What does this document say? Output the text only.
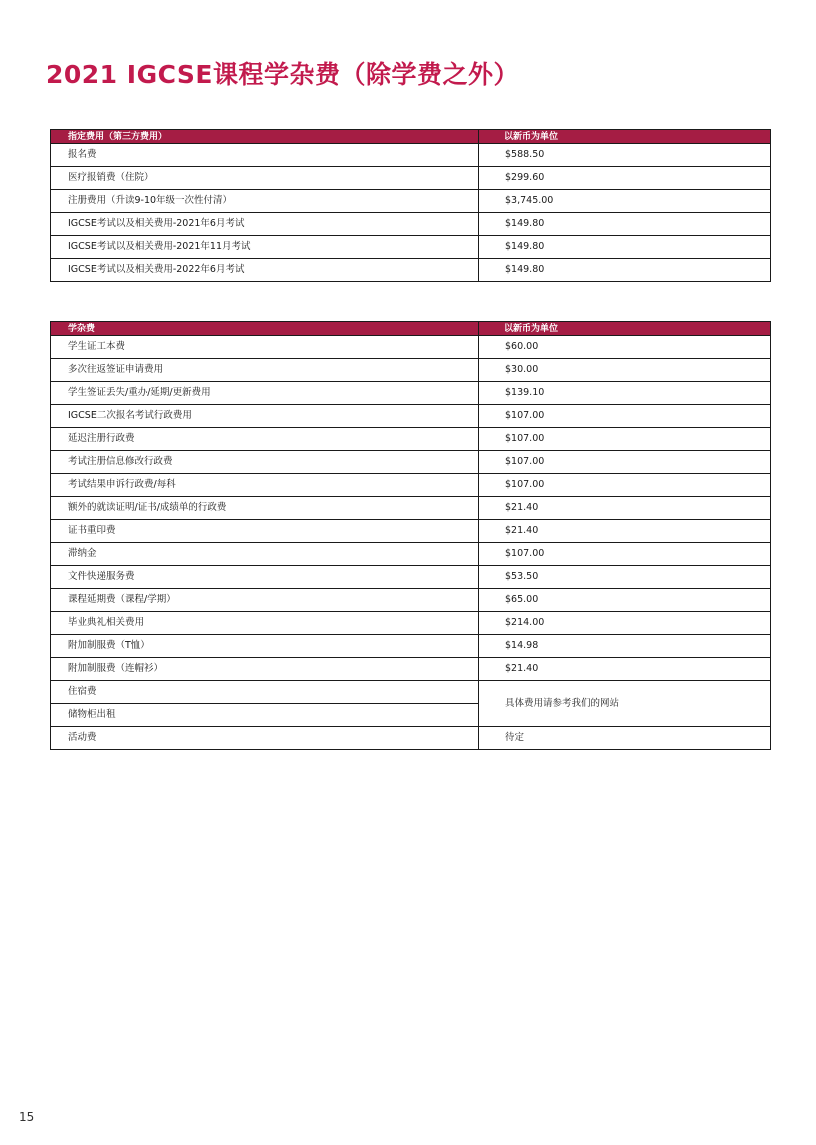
2021 IGCSE课程学杂费（除学费之外）
指定费用（第三方费用）	以新币为单位
报名费	$588.50
医疗报销费（住院）	$299.60
注册费用（升读9-10年级一次性付清）	$3,745.00
IGCSE考试以及相关费用-2021年6月考试	$149.80
IGCSE考试以及相关费用-2021年11月考试	$149.80
IGCSE考试以及相关费用-2022年6月考试	$149.80
学杂费	以新币为单位
学生证工本费	$60.00
多次往返签证申请费用	$30.00
学生签证丢失/重办/延期/更新费用	$139.10
IGCSE二次报名考试行政费用	$107.00
延迟注册行政费	$107.00
考试注册信息修改行政费	$107.00
考试结果申诉行政费/每科	$107.00
额外的就读证明/证书/成绩单的行政费	$21.40
证书重印费	$21.40
滞纳金	$107.00
文件快递服务费	$53.50
课程延期费（课程/学期）	$65.00
毕业典礼相关费用	$214.00
附加制服费（T恤）	$14.98
附加制服费（连帽衫）	$21.40
住宿费	具体费用请参考我们的网站
储物柜出租	
活动费	待定
15
